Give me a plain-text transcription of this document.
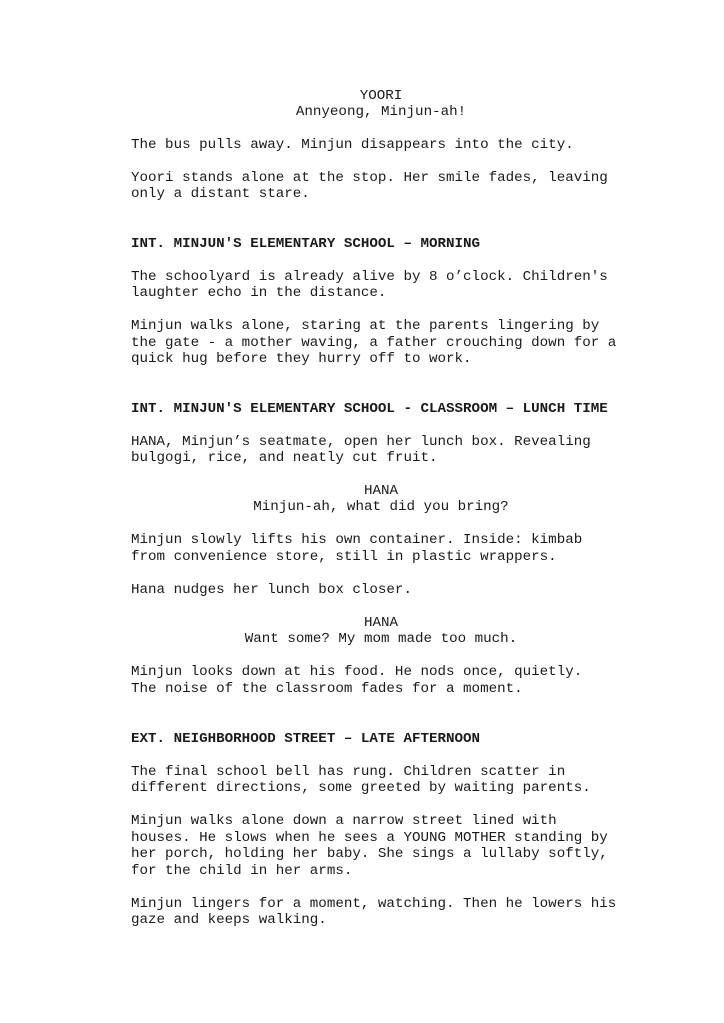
YOORI
Annyeong, Minjun-ah!
The bus pulls away. Minjun disappears into the city.
Yoori stands alone at the stop. Her smile fades, leaving
only a distant stare.
INT. MINJUN'S ELEMENTARY SCHOOL – MORNING
The schoolyard is already alive by 8 o’clock. Children's
laughter echo in the distance.
Minjun walks alone, staring at the parents lingering by
the gate - a mother waving, a father crouching down for a
quick hug before they hurry off to work.
INT. MINJUN'S ELEMENTARY SCHOOL - CLASSROOM – LUNCH TIME
HANA, Minjun’s seatmate, open her lunch box. Revealing
bulgogi, rice, and neatly cut fruit.
HANA
Minjun-ah, what did you bring?
Minjun slowly lifts his own container. Inside: kimbab
from convenience store, still in plastic wrappers.
Hana nudges her lunch box closer.
HANA
Want some? My mom made too much.
Minjun looks down at his food. He nods once, quietly.
The noise of the classroom fades for a moment.
EXT. NEIGHBORHOOD STREET – LATE AFTERNOON
The final school bell has rung. Children scatter in
different directions, some greeted by waiting parents.
Minjun walks alone down a narrow street lined with
houses. He slows when he sees a YOUNG MOTHER standing by
her porch, holding her baby. She sings a lullaby softly,
for the child in her arms.
Minjun lingers for a moment, watching. Then he lowers his
gaze and keeps walking.
